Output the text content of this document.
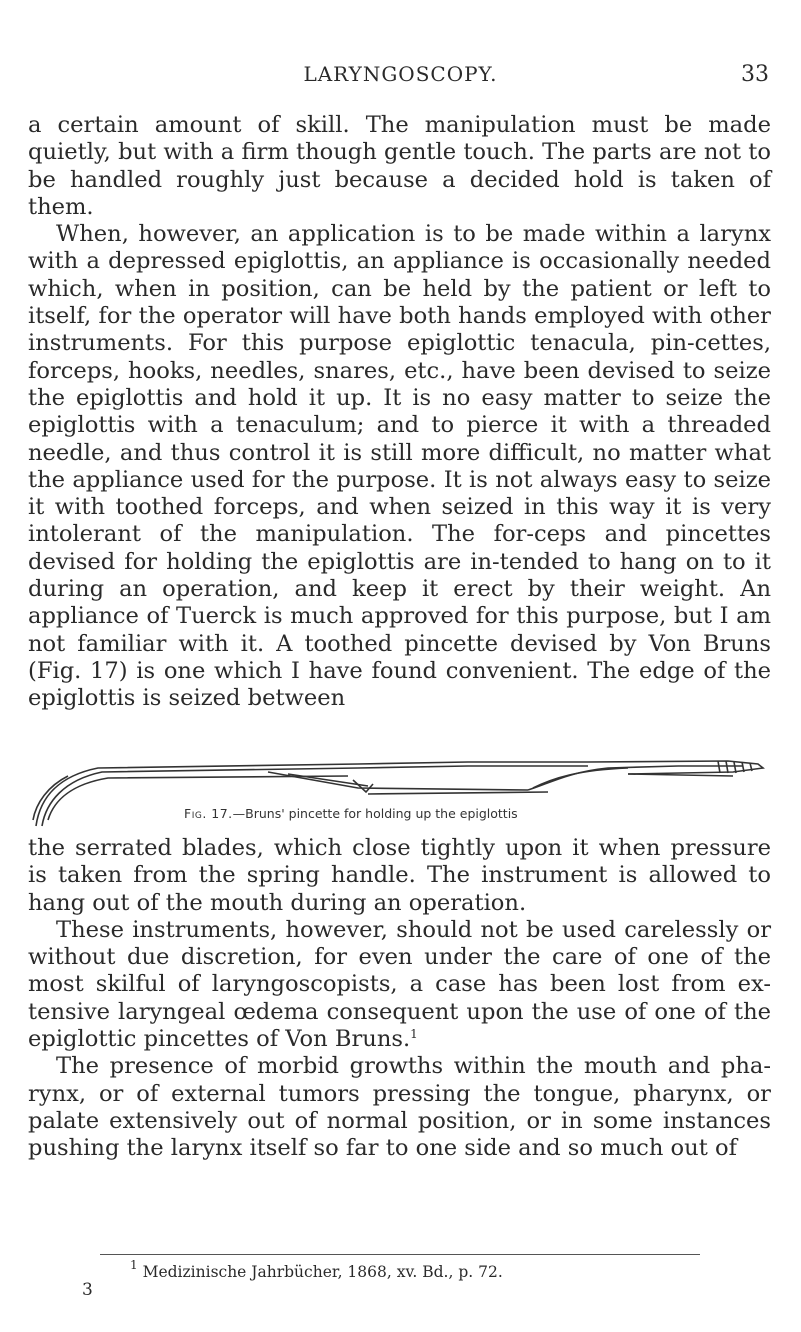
LARYNGOSCOPY.	33

a certain amount of skill. The manipulation must be made quietly, but with a firm though gentle touch. The parts are not to be handled roughly just because a decided hold is taken of them.

When, however, an application is to be made within a larynx with a depressed epiglottis, an appliance is occasionally needed which, when in position, can be held by the patient or left to itself, for the operator will have both hands employed with other instruments. For this purpose epiglottic tenacula, pin-cettes, forceps, hooks, needles, snares, etc., have been devised to seize the epiglottis and hold it up. It is no easy matter to seize the epiglottis with a tenaculum; and to pierce it with a threaded needle, and thus control it is still more difficult, no matter what the appliance used for the purpose. It is not always easy to seize it with toothed forceps, and when seized in this way it is very intolerant of the manipulation. The for-ceps and pincettes devised for holding the epiglottis are in-tended to hang on to it during an operation, and keep it erect by their weight. An appliance of Tuerck is much approved for this purpose, but I am not familiar with it. A toothed pincette devised by Von Bruns (Fig. 17) is one which I have found convenient. The edge of the epiglottis is seized between

Fig. 17.—Bruns' pincette for holding up the epiglottis

the serrated blades, which close tightly upon it when pressure is taken from the spring handle. The instrument is allowed to hang out of the mouth during an operation.

These instruments, however, should not be used carelessly or without due discretion, for even under the care of one of the most skilful of laryngoscopists, a case has been lost from ex-tensive laryngeal œdema consequent upon the use of one of the epiglottic pincettes of Von Bruns.$^1$

The presence of morbid growths within the mouth and pha-rynx, or of external tumors pressing the tongue, pharynx, or palate extensively out of normal position, or in some instances pushing the larynx itself so far to one side and so much out of

$^1$ Medizinische Jahrbücher, 1868, xv. Bd., p. 72.
3
